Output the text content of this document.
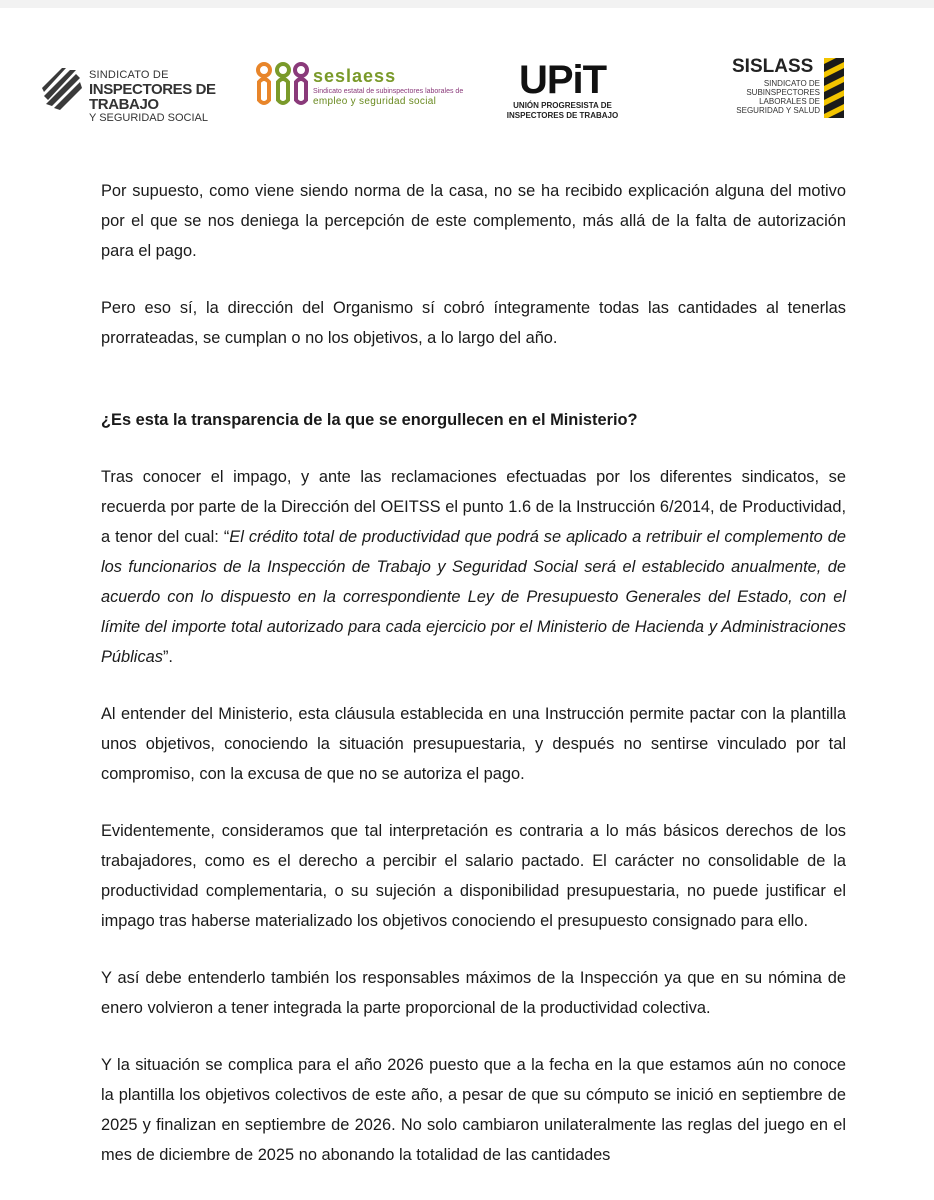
SINDICATO DE
INSPECTORES DE TRABAJO
Y SEGURIDAD SOCIAL
seslaess
Sindicato estatal de subinspectores laborales de
empleo y seguridad social	UPiT
UNIÓN PROGRESISTA DE
INSPECTORES DE TRABAJO
SISLASS
SINDICATO DE
SUBINSPECTORES
LABORALES DE
SEGURIDAD Y SALUD

Por supuesto, como viene siendo norma de la casa, no se ha recibido explicación alguna del motivo por el que se nos deniega la percepción de este complemento, más allá de la falta de autorización para el pago.

Pero eso sí, la dirección del Organismo sí cobró íntegramente todas las cantidades al tenerlas prorrateadas, se cumplan o no los objetivos, a lo largo del año.

¿Es esta la transparencia de la que se enorgullecen en el Ministerio?

Tras conocer el impago, y ante las reclamaciones efectuadas por los diferentes sindicatos, se recuerda por parte de la Dirección del OEITSS el punto 1.6 de la Instrucción 6/2014, de Productividad, a tenor del cual: “El crédito total de productividad que podrá se aplicado a retribuir el complemento de los funcionarios de la Inspección de Trabajo y Seguridad Social será el establecido anualmente, de acuerdo con lo dispuesto en la correspondiente Ley de Presupuesto Generales del Estado, con el límite del importe total autorizado para cada ejercicio por el Ministerio de Hacienda y Administraciones Públicas”.

Al entender del Ministerio, esta cláusula establecida en una Instrucción permite pactar con la plantilla unos objetivos, conociendo la situación presupuestaria, y después no sentirse vinculado por tal compromiso, con la excusa de que no se autoriza el pago.

Evidentemente, consideramos que tal interpretación es contraria a lo más básicos derechos de los trabajadores, como es el derecho a percibir el salario pactado. El carácter no consolidable de la productividad complementaria, o su sujeción a disponibilidad presupuestaria, no puede justificar el impago tras haberse materializado los objetivos conociendo el presupuesto consignado para ello.

Y así debe entenderlo también los responsables máximos de la Inspección ya que en su nómina de enero volvieron a tener integrada la parte proporcional de la productividad colectiva.

Y la situación se complica para el año 2026 puesto que a la fecha en la que estamos aún no conoce la plantilla los objetivos colectivos de este año, a pesar de que su cómputo se inició en septiembre de 2025 y finalizan en septiembre de 2026. No solo cambiaron unilateralmente las reglas del juego en el mes de diciembre de 2025 no abonando la totalidad de las cantidades
